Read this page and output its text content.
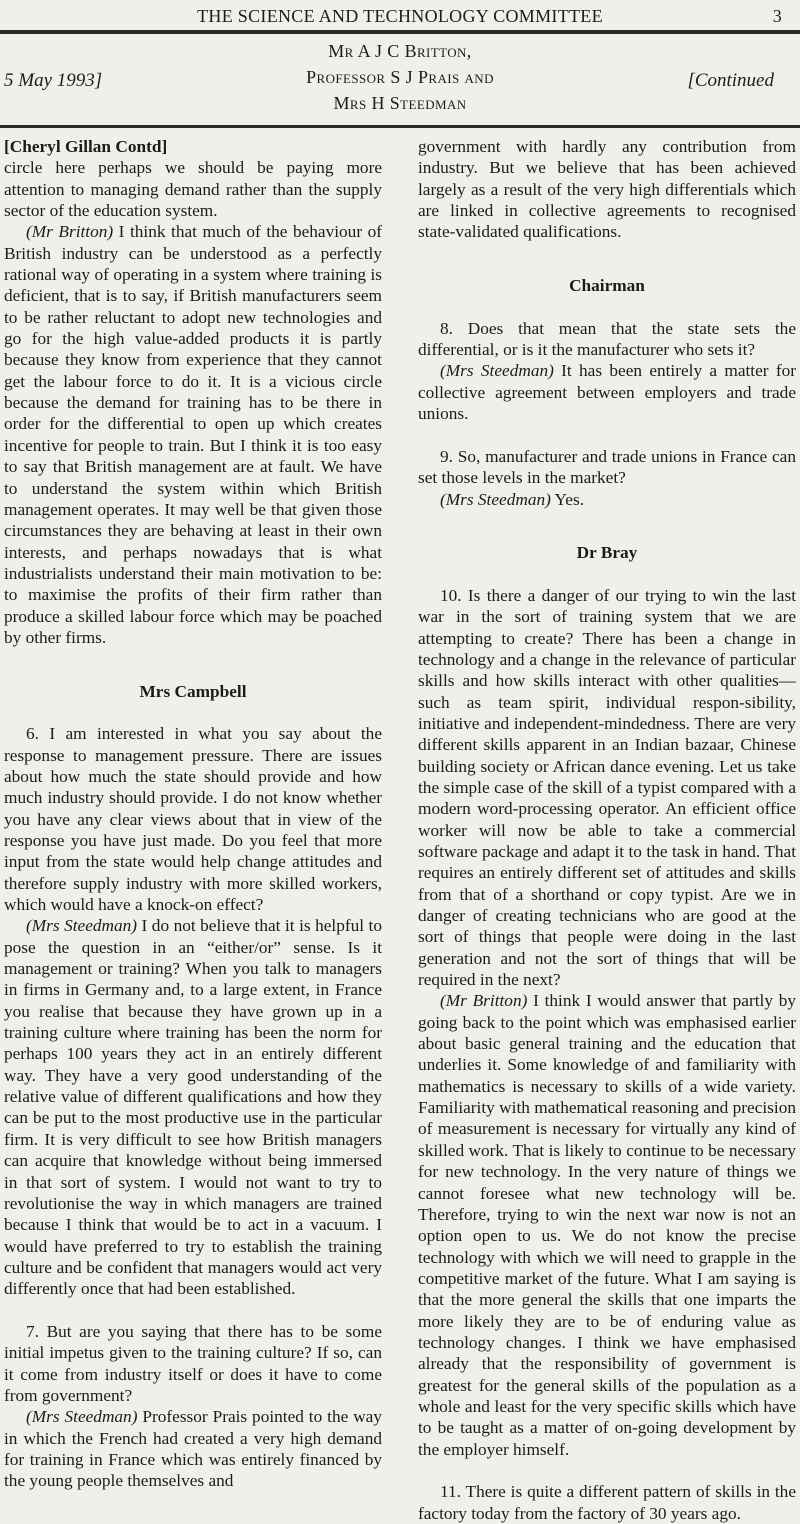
THE SCIENCE AND TECHNOLOGY COMMITTEE	3
5 May 1993]
Mr A J C Britton,
Professor S J Prais and
Mrs H Steedman
[Continued

[Cheryl Gillan Contd]
circle here perhaps we should be paying more attention to managing demand rather than the supply sector of the education system.

(Mr Britton) I think that much of the behaviour of British industry can be understood as a perfectly rational way of operating in a system where training is deficient, that is to say, if British manufacturers seem to be rather reluctant to adopt new technologies and go for the high value-added products it is partly because they know from experience that they cannot get the labour force to do it. It is a vicious circle because the demand for training has to be there in order for the differential to open up which creates incentive for people to train. But I think it is too easy to say that British management are at fault. We have to understand the system within which British management operates. It may well be that given those circumstances they are behaving at least in their own interests, and perhaps nowadays that is what industrialists understand their main motivation to be: to maximise the profits of their firm rather than produce a skilled labour force which may be poached by other firms.

Mrs Campbell

6. I am interested in what you say about the response to management pressure. There are issues about how much the state should provide and how much industry should provide. I do not know whether you have any clear views about that in view of the response you have just made. Do you feel that more input from the state would help change attitudes and therefore supply industry with more skilled workers, which would have a knock-on effect?

(Mrs Steedman) I do not believe that it is helpful to pose the question in an “either/or” sense. Is it management or training? When you talk to managers in firms in Germany and, to a large extent, in France you realise that because they have grown up in a training culture where training has been the norm for perhaps 100 years they act in an entirely different way. They have a very good understanding of the relative value of different qualifications and how they can be put to the most productive use in the particular firm. It is very difficult to see how British managers can acquire that knowledge without being immersed in that sort of system. I would not want to try to revolutionise the way in which managers are trained because I think that would be to act in a vacuum. I would have preferred to try to establish the training culture and be confident that managers would act very differently once that had been established.

7. But are you saying that there has to be some initial impetus given to the training culture? If so, can it come from industry itself or does it have to come from government?

(Mrs Steedman) Professor Prais pointed to the way in which the French had created a very high demand for training in France which was entirely financed by the young people themselves and

government with hardly any contribution from industry. But we believe that has been achieved largely as a result of the very high differentials which are linked in collective agreements to recognised state-validated qualifications.

Chairman

8. Does that mean that the state sets the differential, or is it the manufacturer who sets it?

(Mrs Steedman) It has been entirely a matter for collective agreement between employers and trade unions.

9. So, manufacturer and trade unions in France can set those levels in the market?

(Mrs Steedman) Yes.

Dr Bray

10. Is there a danger of our trying to win the last war in the sort of training system that we are attempting to create? There has been a change in technology and a change in the relevance of particular skills and how skills interact with other qualities—such as team spirit, individual respon-sibility, initiative and independent-mindedness. There are very different skills apparent in an Indian bazaar, Chinese building society or African dance evening. Let us take the simple case of the skill of a typist compared with a modern word-processing operator. An efficient office worker will now be able to take a commercial software package and adapt it to the task in hand. That requires an entirely different set of attitudes and skills from that of a shorthand or copy typist. Are we in danger of creating technicians who are good at the sort of things that people were doing in the last generation and not the sort of things that will be required in the next?

(Mr Britton) I think I would answer that partly by going back to the point which was emphasised earlier about basic general training and the education that underlies it. Some knowledge of and familiarity with mathematics is necessary to skills of a wide variety. Familiarity with mathematical reasoning and precision of measurement is necessary for virtually any kind of skilled work. That is likely to continue to be necessary for new technology. In the very nature of things we cannot foresee what new technology will be. Therefore, trying to win the next war now is not an option open to us. We do not know the precise technology with which we will need to grapple in the competitive market of the future. What I am saying is that the more general the skills that one imparts the more likely they are to be of enduring value as technology changes. I think we have emphasised already that the responsibility of government is greatest for the general skills of the population as a whole and least for the very specific skills which have to be taught as a matter of on-going development by the employer himself.

11. There is quite a different pattern of skills in the factory today from the factory of 30 years ago.
